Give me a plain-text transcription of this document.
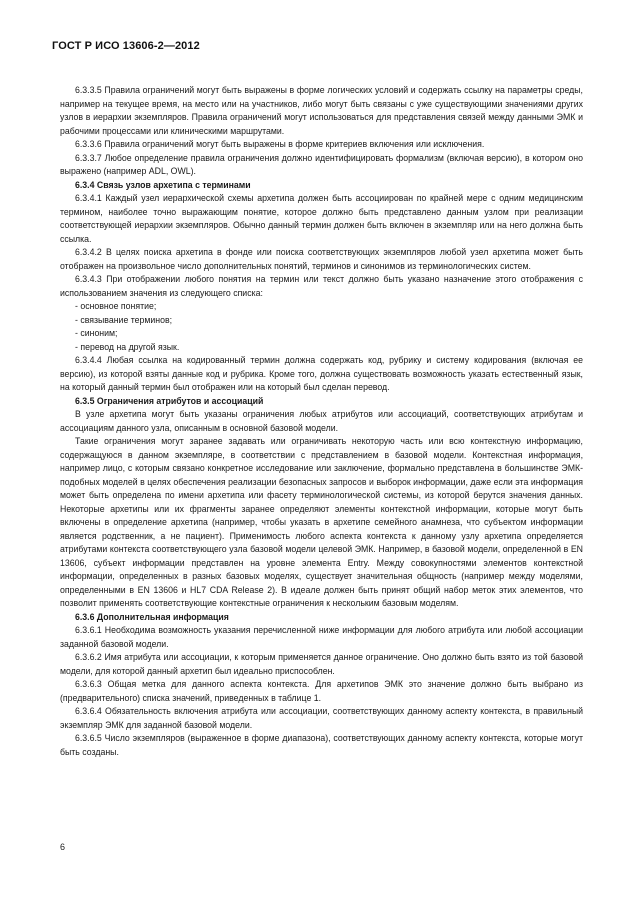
ГОСТ Р ИСО 13606-2—2012

6.3.3.5 Правила ограничений могут быть выражены в форме логических условий и содержать ссылку на параметры среды, например на текущее время, на место или на участников, либо могут быть связаны с уже существующими значениями других узлов в иерархии экземпляров. Правила ограничений могут использоваться для представления связей между данными ЭМК и рабочими процессами или клиническими маршрутами.

6.3.3.6 Правила ограничений могут быть выражены в форме критериев включения или исключения.

6.3.3.7 Любое определение правила ограничения должно идентифицировать формализм (включая версию), в котором оно выражено (например ADL, OWL).

6.3.4 Связь узлов архетипа с терминами

6.3.4.1 Каждый узел иерархической схемы архетипа должен быть ассоциирован по крайней мере с одним медицинским термином, наиболее точно выражающим понятие, которое должно быть представлено данным узлом при реализации соответствующей иерархии экземпляров. Обычно данный термин должен быть включен в экземпляр или на него должна быть ссылка.

6.3.4.2 В целях поиска архетипа в фонде или поиска соответствующих экземпляров любой узел архетипа может быть отображен на произвольное число дополнительных понятий, терминов и синонимов из терминологических систем.

6.3.4.3 При отображении любого понятия на термин или текст должно быть указано назначение этого отображения с использованием значения из следующего списка:

- основное понятие;

- связывание терминов;

- синоним;

- перевод на другой язык.

6.3.4.4 Любая ссылка на кодированный термин должна содержать код, рубрику и систему кодирования (включая ее версию), из которой взяты данные код и рубрика. Кроме того, должна существовать возможность указать естественный язык, на который данный термин был отображен или на который был сделан перевод.

6.3.5 Ограничения атрибутов и ассоциаций

В узле архетипа могут быть указаны ограничения любых атрибутов или ассоциаций, соответствующих атрибутам и ассоциациям данного узла, описанным в основной базовой модели.

Такие ограничения могут заранее задавать или ограничивать некоторую часть или всю контекстную информацию, содержащуюся в данном экземпляре, в соответствии с представлением в базовой модели. Контекстная информация, например лицо, с которым связано конкретное исследование или заключение, формально представлена в большинстве ЭМК-подобных моделей в целях обеспечения реализации безопасных запросов и выборок информации, даже если эта информация может быть определена по имени архетипа или фасету терминологической системы, из которой берутся значения данных. Некоторые архетипы или их фрагменты заранее определяют элементы контекстной информации, которые могут быть включены в определение архетипа (например, чтобы указать в архетипе семейного анамнеза, что субъектом информации является родственник, а не пациент). Применимость любого аспекта контекста к данному узлу архетипа определяется атрибутами контекста соответствующего узла базовой модели целевой ЭМК. Например, в базовой модели, определенной в EN 13606, субъект информации представлен на уровне элемента Entry. Между совокупностями элементов контекстной информации, определенных в разных базовых моделях, существует значительная общность (например между моделями, определенными в EN 13606 и HL7 CDA Release 2). В идеале должен быть принят общий набор меток этих элементов, что позволит применять соответствующие контекстные ограничения к нескольким базовым моделям.

6.3.6 Дополнительная информация

6.3.6.1 Необходима возможность указания перечисленной ниже информации для любого атрибута или любой ассоциации заданной базовой модели.

6.3.6.2 Имя атрибута или ассоциации, к которым применяется данное ограничение. Оно должно быть взято из той базовой модели, для которой данный архетип был идеально приспособлен.

6.3.6.3 Общая метка для данного аспекта контекста. Для архетипов ЭМК это значение должно быть выбрано из (предварительного) списка значений, приведенных в таблице 1.

6.3.6.4 Обязательность включения атрибута или ассоциации, соответствующих данному аспекту контекста, в правильный экземпляр ЭМК для заданной базовой модели.

6.3.6.5 Число экземпляров (выраженное в форме диапазона), соответствующих данному аспекту контекста, которые могут быть созданы.

6
